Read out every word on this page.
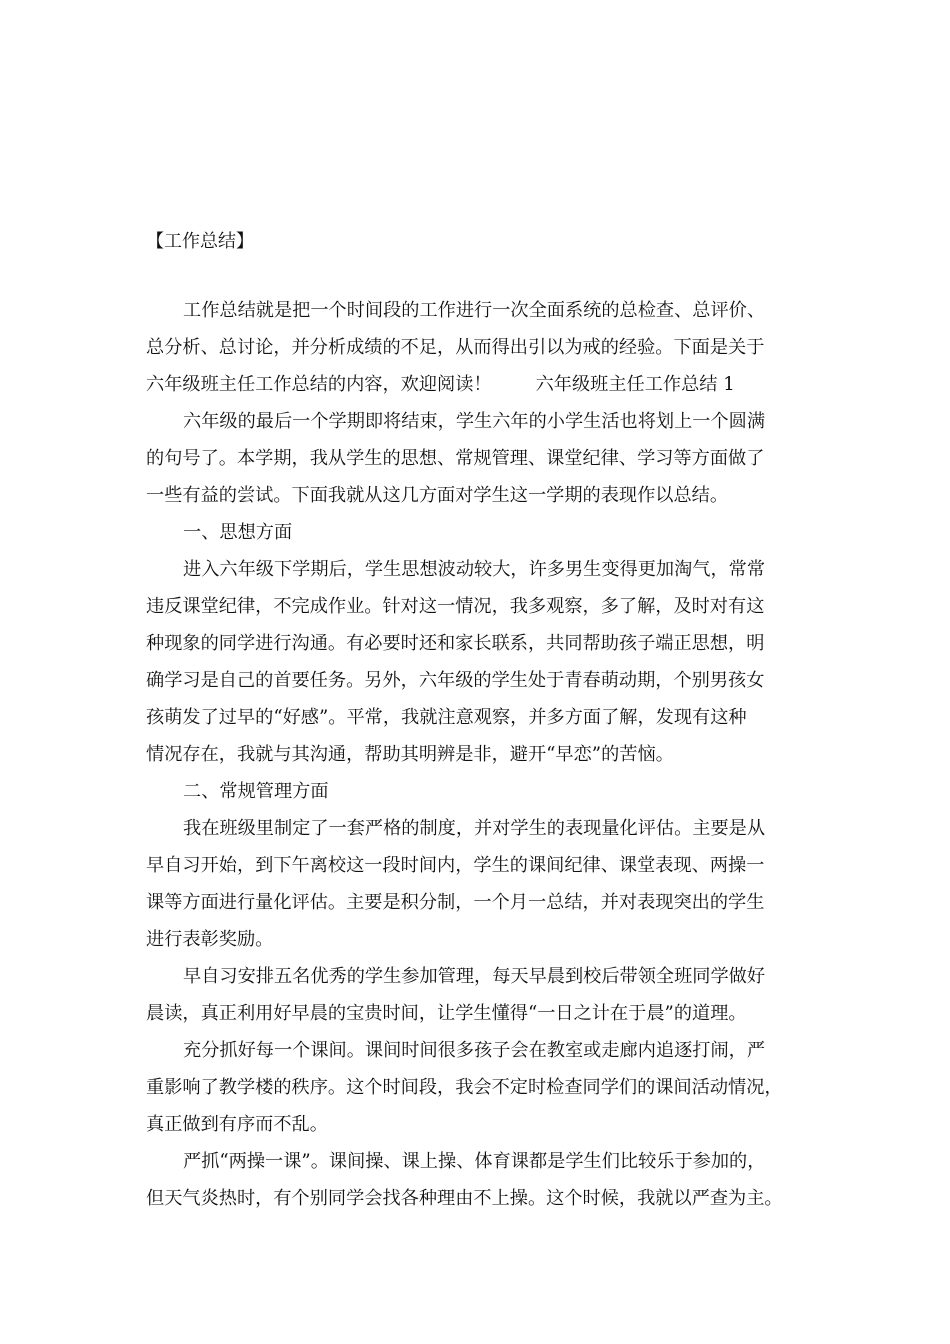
【工作总结】
工作总结就是把一个时间段的工作进行一次全面系统的总检查、总评价、
总分析、总讨论，并分析成绩的不足，从而得出引以为戒的经验。下面是关于
六年级班主任工作总结的内容，欢迎阅读！ 六年级班主任工作总结 1
六年级的最后一个学期即将结束，学生六年的小学生活也将划上一个圆满
的句号了。本学期，我从学生的思想、常规管理、课堂纪律、学习等方面做了
一些有益的尝试。下面我就从这几方面对学生这一学期的表现作以总结。
一、思想方面
进入六年级下学期后，学生思想波动较大，许多男生变得更加淘气，常常
违反课堂纪律，不完成作业。针对这一情况，我多观察，多了解，及时对有这
种现象的同学进行沟通。有必要时还和家长联系，共同帮助孩子端正思想，明
确学习是自己的首要任务。另外，六年级的学生处于青春萌动期，个别男孩女
孩萌发了过早的“好感”。平常，我就注意观察，并多方面了解，发现有这种
情况存在，我就与其沟通，帮助其明辨是非，避开“早恋”的苦恼。
二、常规管理方面
我在班级里制定了一套严格的制度，并对学生的表现量化评估。主要是从
早自习开始，到下午离校这一段时间内，学生的课间纪律、课堂表现、两操一
课等方面进行量化评估。主要是积分制，一个月一总结，并对表现突出的学生
进行表彰奖励。
早自习安排五名优秀的学生参加管理，每天早晨到校后带领全班同学做好
晨读，真正利用好早晨的宝贵时间，让学生懂得“一日之计在于晨”的道理。
充分抓好每一个课间。课间时间很多孩子会在教室或走廊内追逐打闹，严
重影响了教学楼的秩序。这个时间段，我会不定时检查同学们的课间活动情况，
真正做到有序而不乱。
严抓“两操一课”。课间操、课上操、体育课都是学生们比较乐于参加的，
但天气炎热时，有个别同学会找各种理由不上操。这个时候，我就以严查为主。
